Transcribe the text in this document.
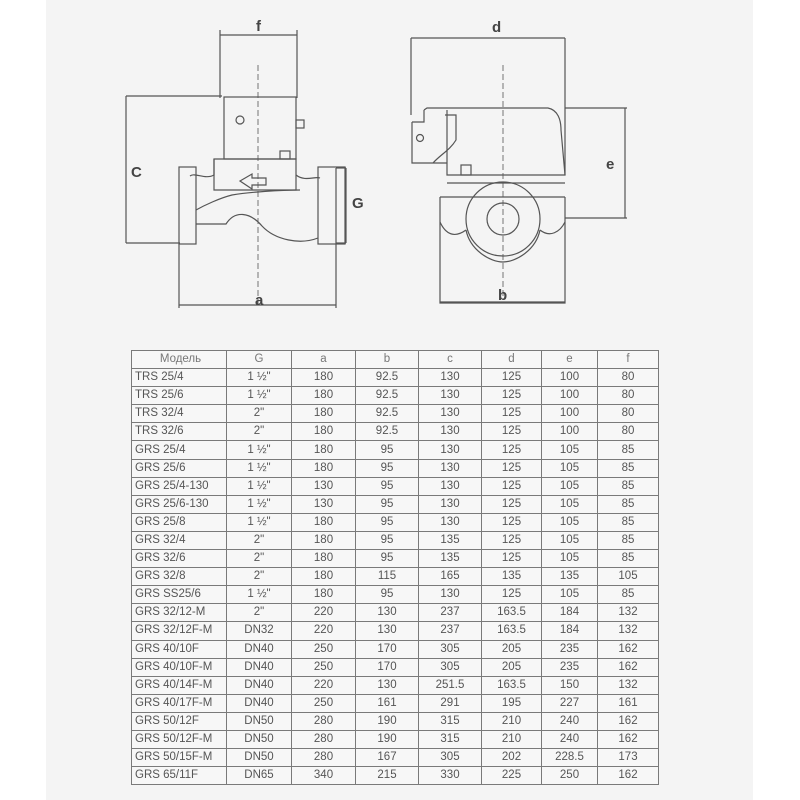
f
C
G
a
d
e
b
Модель	G	a	b	c	d	e	f
TRS 25/4	1 ½"	180	92.5	130	125	100	80
TRS 25/6	1 ½"	180	92.5	130	125	100	80
TRS 32/4	2"	180	92.5	130	125	100	80
TRS 32/6	2"	180	92.5	130	125	100	80
GRS 25/4	1 ½"	180	95	130	125	105	85
GRS 25/6	1 ½"	180	95	130	125	105	85
GRS 25/4-130	1 ½"	130	95	130	125	105	85
GRS 25/6-130	1 ½"	130	95	130	125	105	85
GRS 25/8	1 ½"	180	95	130	125	105	85
GRS 32/4	2"	180	95	135	125	105	85
GRS 32/6	2"	180	95	135	125	105	85
GRS 32/8	2"	180	115	165	135	135	105
GRS SS25/6	1 ½"	180	95	130	125	105	85
GRS 32/12-M	2"	220	130	237	163.5	184	132
GRS 32/12F-M	DN32	220	130	237	163.5	184	132
GRS 40/10F	DN40	250	170	305	205	235	162
GRS 40/10F-M	DN40	250	170	305	205	235	162
GRS 40/14F-M	DN40	220	130	251.5	163.5	150	132
GRS 40/17F-M	DN40	250	161	291	195	227	161
GRS 50/12F	DN50	280	190	315	210	240	162
GRS 50/12F-M	DN50	280	190	315	210	240	162
GRS 50/15F-M	DN50	280	167	305	202	228.5	173
GRS 65/11F	DN65	340	215	330	225	250	162
